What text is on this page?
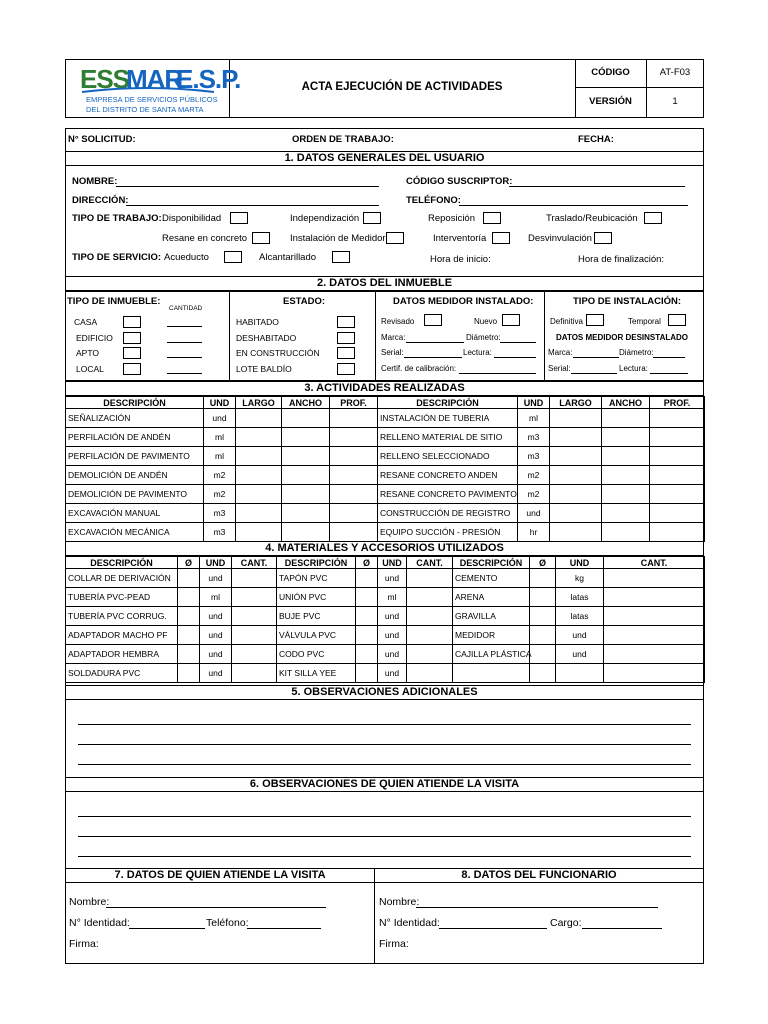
ESS
MAR
E.S.P.
EMPRESA DE SERVICIOS PÚBLICOS
DEL DISTRITO DE SANTA MARTA
ACTA EJECUCIÓN DE ACTIVIDADES
CÓDIGO	AT-F03
VERSIÓN	1
N° SOLICITUD:	ORDEN DE TRABAJO:	FECHA:
1. DATOS GENERALES DEL USUARIO
NOMBRE:	CÓDIGO SUSCRIPTOR:
DIRECCIÓN:	TELÉFONO:
TIPO DE TRABAJO: Disponibilidad	Independización	Reposición	Traslado/Reubicación
Resane en concreto	Instalación de Medidor	Interventoría	Desvinvulación
TIPO DE SERVICIO: Acueducto	Alcantarillado	Hora de inicio:	Hora de finalización:
2. DATOS DEL INMUEBLE
TIPO DE INMUEBLE:
CANTIDAD
CASA
EDIFICIO
APTO
LOCAL
ESTADO:
HABITADO
DESHABITADO
EN CONSTRUCCIÓN
LOTE BALDÍO
DATOS MEDIDOR INSTALADO:
Revisado	Nuevo
Marca:	Diámetro:
Serial:	Lectura:
Certif. de calibración:
TIPO DE INSTALACIÓN:
Definitiva	Temporal
DATOS MEDIDOR DESINSTALADO
Marca:	Diámetro:
Serial:	Lectura:
3. ACTIVIDADES REALIZADAS
DESCRIPCIÓN	UND	LARGO	ANCHO	PROF.	DESCRIPCIÓN	UND	LARGO	ANCHO	PROF.
SEÑALIZACIÓN	und				INSTALACIÓN DE TUBERIA	ml			
PERFILACIÓN DE ANDÉN	ml				RELLENO MATERIAL DE SITIO	m3			
PERFILACIÓN DE PAVIMENTO	ml				RELLENO SELECCIONADO	m3			
DEMOLICIÓN DE ANDÉN	m2				RESANE CONCRETO ANDEN	m2			
DEMOLICIÓN DE PAVIMENTO	m2				RESANE CONCRETO PAVIMENTO	m2			
EXCAVACIÓN MANUAL	m3				CONSTRUCCIÓN DE REGISTRO	und			
EXCAVACIÓN MECÁNICA	m3				EQUIPO SUCCIÓN - PRESIÓN	hr			
4. MATERIALES Y ACCESORIOS UTILIZADOS
DESCRIPCIÓN	Ø	UND	CANT.	DESCRIPCIÓN	Ø	UND	CANT.	DESCRIPCIÓN	Ø	UND	CANT.
COLLAR DE DERIVACIÓN		und		TAPÓN PVC		und		CEMENTO		kg	
TUBERÍA PVC-PEAD		ml		UNIÓN PVC		ml		ARENA		latas	
TUBERÍA PVC CORRUG.		und		BUJE PVC		und		GRAVILLA		latas	
ADAPTADOR MACHO PF		und		VÁLVULA PVC		und		MEDIDOR		und	
ADAPTADOR HEMBRA		und		CODO PVC		und		CAJILLA PLÁSTICA		und	
SOLDADURA PVC		und		KIT SILLA YEE		und					
5. OBSERVACIONES ADICIONALES
6. OBSERVACIONES DE QUIEN ATIENDE LA VISITA
7. DATOS DE QUIEN ATIENDE LA VISITA	8. DATOS DEL FUNCIONARIO
Nombre:
N° Identidad:	Teléfono:
Firma:
Nombre:
N° Identidad:	Cargo:
Firma:
